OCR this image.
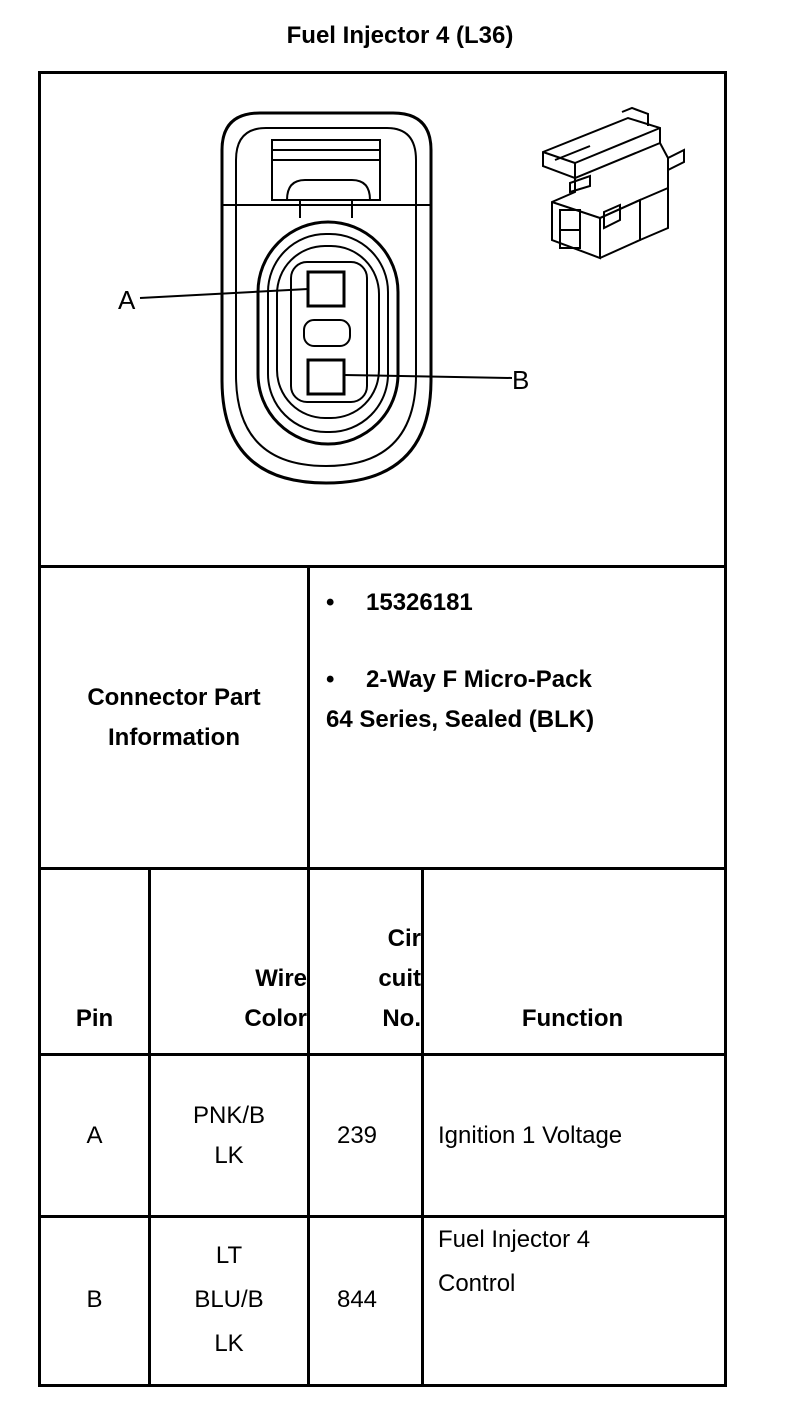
Fuel Injector 4 (L36)
A
B
Connector Part
Information
• 15326181
• 2-Way F Micro-Pack
64 Series, Sealed (BLK)
Pin
Wire
Color
Cir
cuit
No.	Function
A
PNK/B
LK
239	Ignition 1 Voltage
B
LT
BLU/B
LK
844
Fuel Injector 4
Control
